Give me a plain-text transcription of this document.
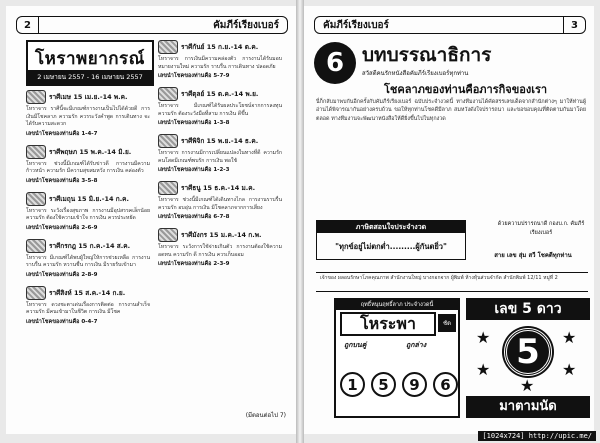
2	คัมภีร์เรียงเบอร์
โหราพยากรณ์
2 เมษายน 2557 - 16 เมษายน 2557
ราศีเมษ 15 เม.ย.-14 พ.ค.
โหราจาร ราศีนี้จะมีเกณฑ์การงานเป็นไปได้ด้วยดี การเงินมีโชคลาภ ความรัก ควรระวังคำพูด การเดินทาง จะได้รับความสะดวก
เลขนำโชคของท่านคือ 1-4-7
ราศีพฤษภ 15 พ.ค.-14 มิ.ย.
โหราจาร ช่วงนี้มีเกณฑ์ได้รับข่าวดี การงานมีความก้าวหน้า ความรัก มีความสุขสมหวัง การเงิน คล่องตัว
เลขนำโชคของท่านคือ 3-5-8
ราศีเมถุน 15 มิ.ย.-14 ก.ค.
โหราจาร ระวังเรื่องสุขภาพ การงานมีอุปสรรคเล็กน้อย ความรัก ต้องใช้ความเข้าใจ การเงิน ควรประหยัด
เลขนำโชคของท่านคือ 2-6-9
ราศีกรกฎ 15 ก.ค.-14 ส.ค.
โหราจาร มีเกณฑ์ได้พบผู้ใหญ่ให้การช่วยเหลือ การงานราบรื่น ความรัก หวานชื่น การเงิน มีรายรับเข้ามา
เลขนำโชคของท่านคือ 2-8-9
ราศีสิงห์ 15 ส.ค.-14 ก.ย.
โหราจาร ดวงชะตาเด่นเรื่องการติดต่อ การงานสำเร็จ ความรัก มีคนเข้ามาในชีวิต การเงิน มีโชค
เลขนำโชคของท่านคือ 0-4-7
ราศีกันย์ 15 ก.ย.-14 ต.ค.
โหราจาร การเงินมีความคล่องตัว การงานได้รับมอบหมายงานใหม่ ความรัก ราบรื่น การเดินทาง ปลอดภัย
เลขนำโชคของท่านคือ 5-7-9
ราศีตุลย์ 15 ต.ค.-14 พ.ย.
โหราจาร มีเกณฑ์ได้รับผลประโยชน์จากการลงทุน ความรัก ต้องระวังมือที่สาม การเงิน ดีขึ้น
เลขนำโชคของท่านคือ 1-3-8
ราศีพิจิก 15 พ.ย.-14 ธ.ค.
โหราจาร การงานมีการเปลี่ยนแปลงในทางที่ดี ความรัก คนโสดมีเกณฑ์พบรัก การเงิน พอใช้
เลขนำโชคของท่านคือ 1-2-3
ราศีธนู 15 ธ.ค.-14 ม.ค.
โหราจาร ช่วงนี้มีเกณฑ์ได้เดินทางไกล การงานราบรื่น ความรัก อบอุ่น การเงิน มีโชคลาภจากการเสี่ยง
เลขนำโชคของท่านคือ 6-7-8
ราศีมังกร 15 ม.ค.-14 ก.พ.
โหราจาร ระวังการใช้จ่ายเกินตัว การงานต้องใช้ความอดทน ความรัก ดี การเงิน ควรเก็บออม
เลขนำโชคของท่านคือ 2-3-9
(มีตอนต่อไป 7)
3
คัมภีร์เรียงเบอร์
6 บทบรรณาธิการ
สวัสดีคนรักหนังสือคัมภีร์เรียงเบอร์ทุกท่าน
โชคลาภของท่านคือภารกิจของเรา
นี่ก็กลับมาพบกันอีกครั้งกับคัมภีร์เรียงเบอร์ ฉบับประจำงวดนี้ ทางทีมงานได้คัดสรรเลขเด็ดจากสำนักต่างๆ มาให้ท่านผู้อ่านได้พิจารณากันอย่างครบถ้วน ขอให้ทุกท่านโชคดีมีลาภ สมหวังดังใจปรารถนา และขอขอบคุณที่ติดตามกันมาโดยตลอด ทางทีมงานจะพัฒนาหนังสือให้ดียิ่งขึ้นไปในทุกงวด
ภาษิตสอนใจประจำงวด
"ทุกข์อยู่ไม่ตกต่ำ.........ผู้กันตยิ่ว"
ด้วยความปรารถนาดี กองบ.ก. คัมภีร์เรียงเบอร์
สาย เลข สุ่ม สวี โชคดีทุกท่าน
เจ้าของ ผลอนรักษาโภคคุณภาพ สำนักงานใหญ่ บางกอกจาก ผู้พิมพ์ ห้างหุ้นส่วนจำกัด สำนักพิมพ์ 12/11 หมู่ที่ 2
ฤทธิ์หนุนฤทธิ์ลาภ ประจำงวดนี้
โหระพา	ชัด
ถูกบนคู่	ถูกล่าง
1	5	9	6
เลข 5 ดาว
★	★
★	★
★
5
มาตามนัด
[1024x724] http://upic.me/
